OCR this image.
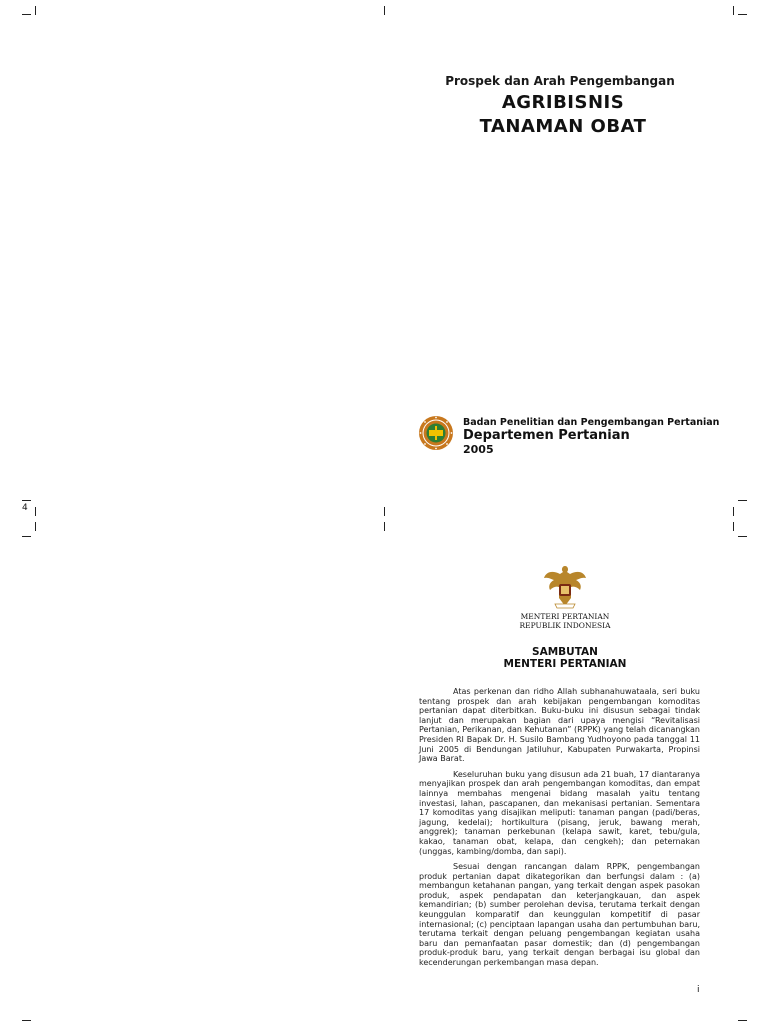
Prospek dan Arah Pengembangan
AGRIBISNIS
TANAMAN OBAT
Badan Penelitian dan Pengembangan Pertanian
Departemen Pertanian
2005
4
MENTERI PERTANIAN
REPUBLIK INDONESIA
SAMBUTAN
MENTERI PERTANIAN

Atas perkenan dan ridho Allah subhanahuwataala, seri buku tentang prospek dan arah kebijakan pengembangan komoditas pertanian dapat diterbitkan. Buku-buku ini disusun sebagai tindak lanjut dan merupakan bagian dari upaya mengisi “Revitalisasi Pertanian, Perikanan, dan Kehutanan” (RPPK) yang telah dicanangkan Presiden RI Bapak Dr. H. Susilo Bambang Yudhoyono pada tanggal 11 Juni 2005 di Bendungan Jatiluhur, Kabupaten Purwakarta, Propinsi Jawa Barat.

Keseluruhan buku yang disusun ada 21 buah, 17 diantaranya menyajikan prospek dan arah pengembangan komoditas, dan empat lainnya membahas mengenai bidang masalah yaitu tentang investasi, lahan, pascapanen, dan mekanisasi pertanian. Sementara 17 komoditas yang disajikan meliputi: tanaman pangan (padi/beras, jagung, kedelai); hortikultura (pisang, jeruk, bawang merah, anggrek); tanaman perkebunan (kelapa sawit, karet, tebu/gula, kakao, tanaman obat, kelapa, dan cengkeh); dan peternakan (unggas, kambing/domba, dan sapi).

Sesuai dengan rancangan dalam RPPK, pengembangan produk pertanian dapat dikategorikan dan berfungsi dalam : (a) membangun ketahanan pangan, yang terkait dengan aspek pasokan produk, aspek pendapatan dan keterjangkauan, dan aspek kemandirian; (b) sumber perolehan devisa, terutama terkait dengan keunggulan komparatif dan keunggulan kompetitif di pasar internasional; (c) penciptaan lapangan usaha dan pertumbuhan baru, terutama terkait dengan peluang pengembangan kegiatan usaha baru dan pemanfaatan pasar domestik; dan (d) pengembangan produk-produk baru, yang terkait dengan berbagai isu global dan kecenderungan perkembangan masa depan.

i
